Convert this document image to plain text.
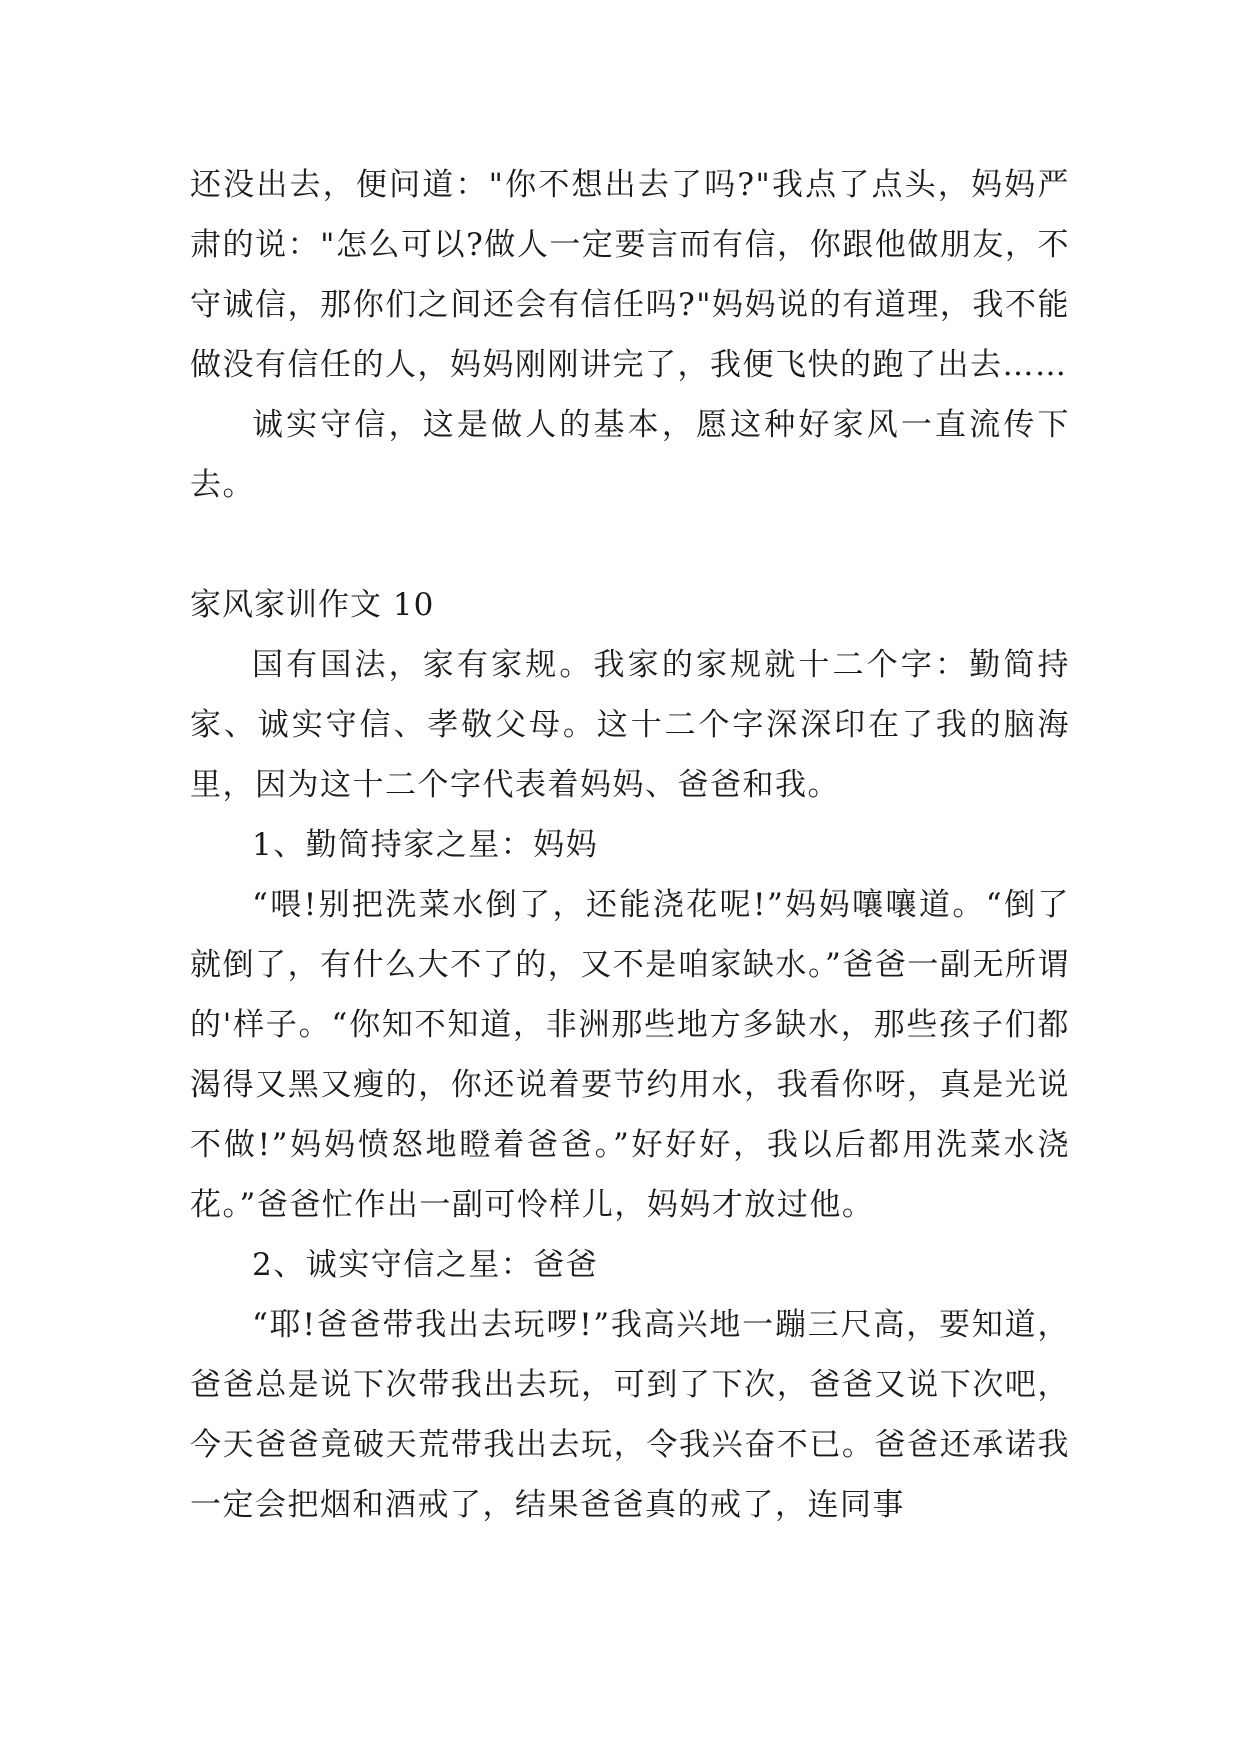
还没出去，便问道："你不想出去了吗?"我点了点头，妈妈严肃的说："怎么可以?做人一定要言而有信，你跟他做朋友，不守诚信，那你们之间还会有信任吗?"妈妈说的有道理，我不能做没有信任的人，妈妈刚刚讲完了，我便飞快的跑了出去……

诚实守信，这是做人的基本，愿这种好家风一直流传下去。

家风家训作文 10

国有国法，家有家规。我家的家规就十二个字：勤简持家、诚实守信、孝敬父母。这十二个字深深印在了我的脑海里，因为这十二个字代表着妈妈、爸爸和我。

1、勤简持家之星：妈妈

“喂!别把洗菜水倒了，还能浇花呢!”妈妈嚷嚷道。“倒了就倒了，有什么大不了的，又不是咱家缺水。”爸爸一副无所谓的'样子。“你知不知道，非洲那些地方多缺水，那些孩子们都渴得又黑又瘦的，你还说着要节约用水，我看你呀，真是光说不做!”妈妈愤怒地瞪着爸爸。”好好好，我以后都用洗菜水浇花。”爸爸忙作出一副可怜样儿，妈妈才放过他。

2、诚实守信之星：爸爸

“耶!爸爸带我出去玩啰!”我高兴地一蹦三尺高，要知道，爸爸总是说下次带我出去玩，可到了下次，爸爸又说下次吧，今天爸爸竟破天荒带我出去玩，令我兴奋不已。爸爸还承诺我一定会把烟和酒戒了，结果爸爸真的戒了，连同事
